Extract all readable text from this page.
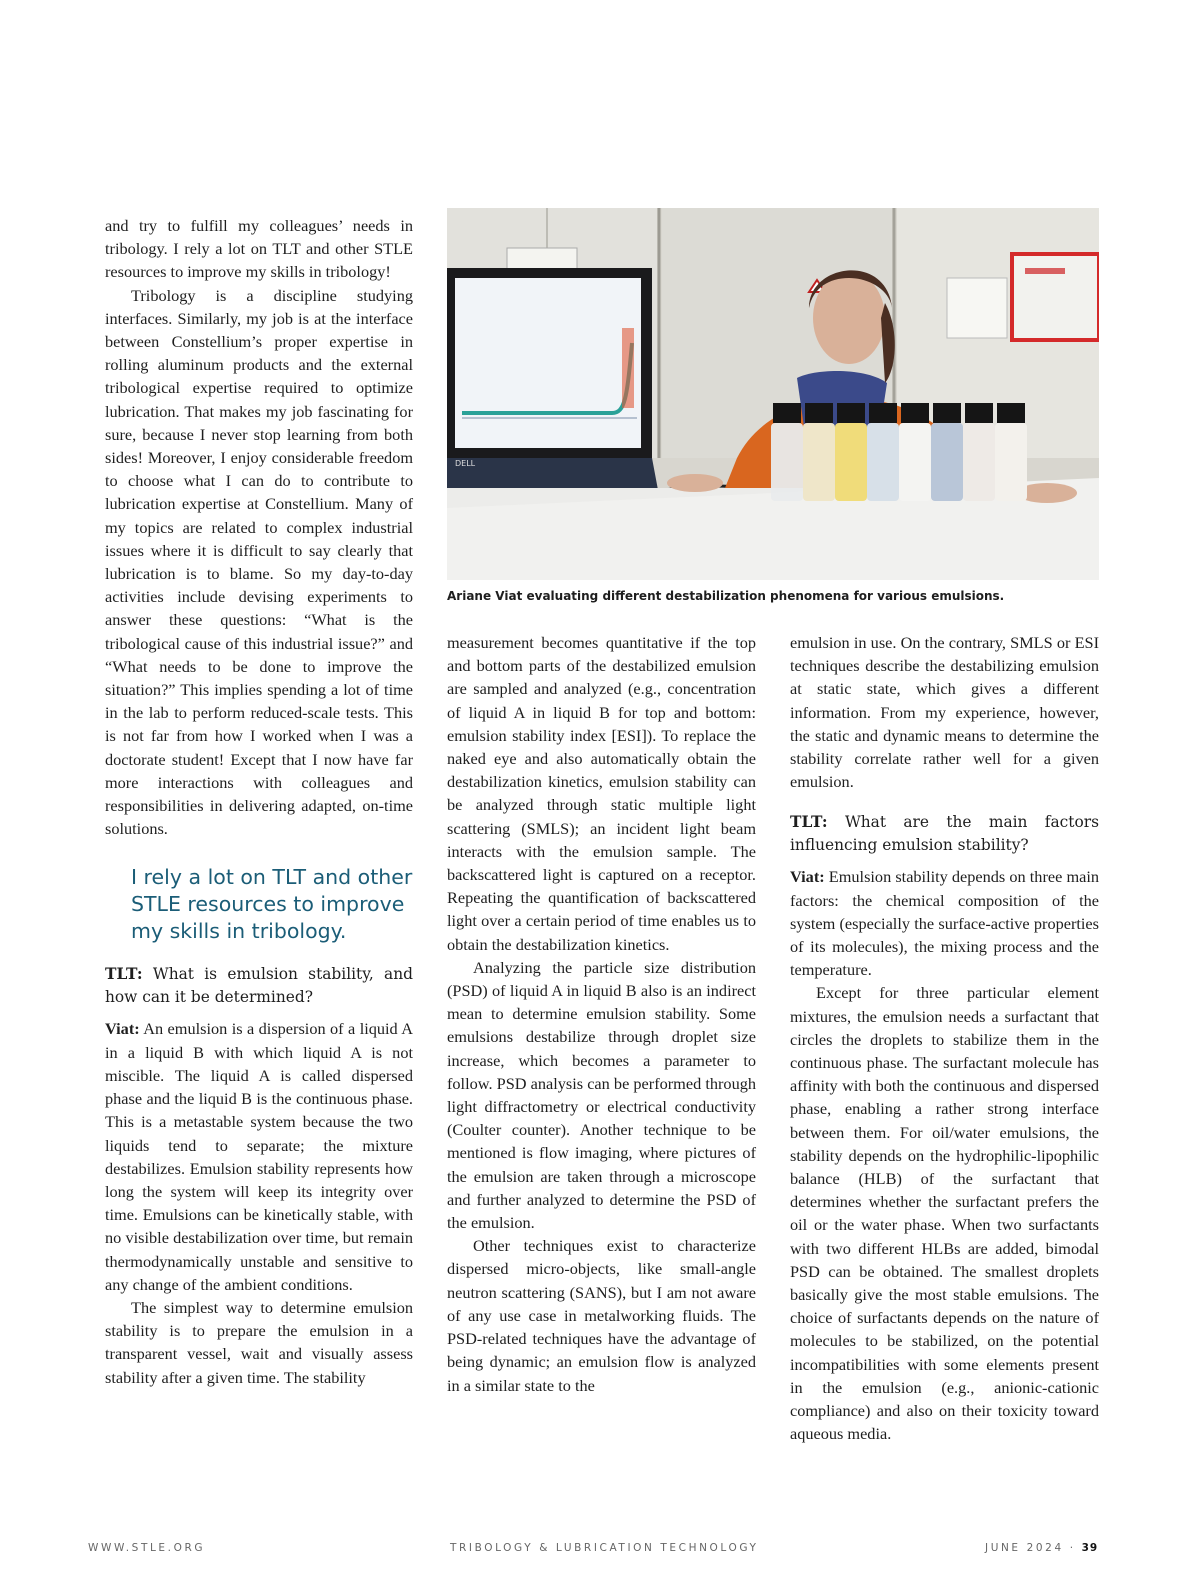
DELL
Ariane Viat evaluating different destabilization phenomena for various emulsions.

and try to fulfill my colleagues’ needs in tribology. I rely a lot on TLT and other STLE resources to improve my skills in tribology!

Tribology is a discipline studying interfaces. Similarly, my job is at the interface between Constellium’s proper expertise in rolling aluminum products and the external tribological expertise required to optimize lubrication. That makes my job fascinating for sure, because I never stop learning from both sides! Moreover, I enjoy considerable freedom to choose what I can do to contribute to lubrication expertise at Constellium. Many of my topics are related to complex industrial issues where it is difficult to say clearly that lubrication is to blame. So my day-to-day activities include devising experiments to answer these questions: “What is the tribological cause of this industrial issue?” and “What needs to be done to improve the situation?” This implies spending a lot of time in the lab to perform reduced-scale tests. This is not far from how I worked when I was a doctorate student! Except that I now have far more interactions with colleagues and responsibilities in delivering adapted, on-time solutions.

I rely a lot on TLT and other STLE resources to improve my skills in tribology.

TLT: What is emulsion stability, and how can it be determined?

Viat: An emulsion is a dispersion of a liquid A in a liquid B with which liquid A is not miscible. The liquid A is called dispersed phase and the liquid B is the continuous phase. This is a metastable system because the two liquids tend to separate; the mixture destabilizes. Emulsion stability represents how long the system will keep its integrity over time. Emulsions can be kinetically stable, with no visible destabilization over time, but remain thermodynamically unstable and sensitive to any change of the ambient conditions.

The simplest way to determine emulsion stability is to prepare the emulsion in a transparent vessel, wait and visually assess stability after a given time. The stability

measurement becomes quantitative if the top and bottom parts of the destabilized emulsion are sampled and analyzed (e.g., concentration of liquid A in liquid B for top and bottom: emulsion stability index [ESI]). To replace the naked eye and also automatically obtain the destabilization kinetics, emulsion stability can be analyzed through static multiple light scattering (SMLS); an incident light beam interacts with the emulsion sample. The backscattered light is captured on a receptor. Repeating the quantification of backscattered light over a certain period of time enables us to obtain the destabilization kinetics.

Analyzing the particle size distribution (PSD) of liquid A in liquid B also is an indirect mean to determine emulsion stability. Some emulsions destabilize through droplet size increase, which becomes a parameter to follow. PSD analysis can be performed through light diffractometry or electrical conductivity (Coulter counter). Another technique to be mentioned is flow imaging, where pictures of the emulsion are taken through a microscope and further analyzed to determine the PSD of the emulsion.

Other techniques exist to characterize dispersed micro-objects, like small-angle neutron scattering (SANS), but I am not aware of any use case in metalworking fluids. The PSD-related techniques have the advantage of being dynamic; an emulsion flow is analyzed in a similar state to the

emulsion in use. On the contrary, SMLS or ESI techniques describe the destabilizing emulsion at static state, which gives a different information. From my experience, however, the static and dynamic means to determine the stability correlate rather well for a given emulsion.

TLT: What are the main factors influencing emulsion stability?

Viat: Emulsion stability depends on three main factors: the chemical composition of the system (especially the surface-active properties of its molecules), the mixing process and the temperature.

Except for three particular element mixtures, the emulsion needs a surfactant that circles the droplets to stabilize them in the continuous phase. The surfactant molecule has affinity with both the continuous and dispersed phase, enabling a rather strong interface between them. For oil/water emulsions, the stability depends on the hydrophilic-lipophilic balance (HLB) of the surfactant that determines whether the surfactant prefers the oil or the water phase. When two surfactants with two different HLBs are added, bimodal PSD can be obtained. The smallest droplets basically give the most stable emulsions. The choice of surfactants depends on the nature of molecules to be stabilized, on the potential incompatibilities with some elements present in the emulsion (e.g., anionic-cationic compliance) and also on their toxicity toward aqueous media.

WWW.STLE.ORG	TRIBOLOGY & LUBRICATION TECHNOLOGY	JUNE 2024 · 39
